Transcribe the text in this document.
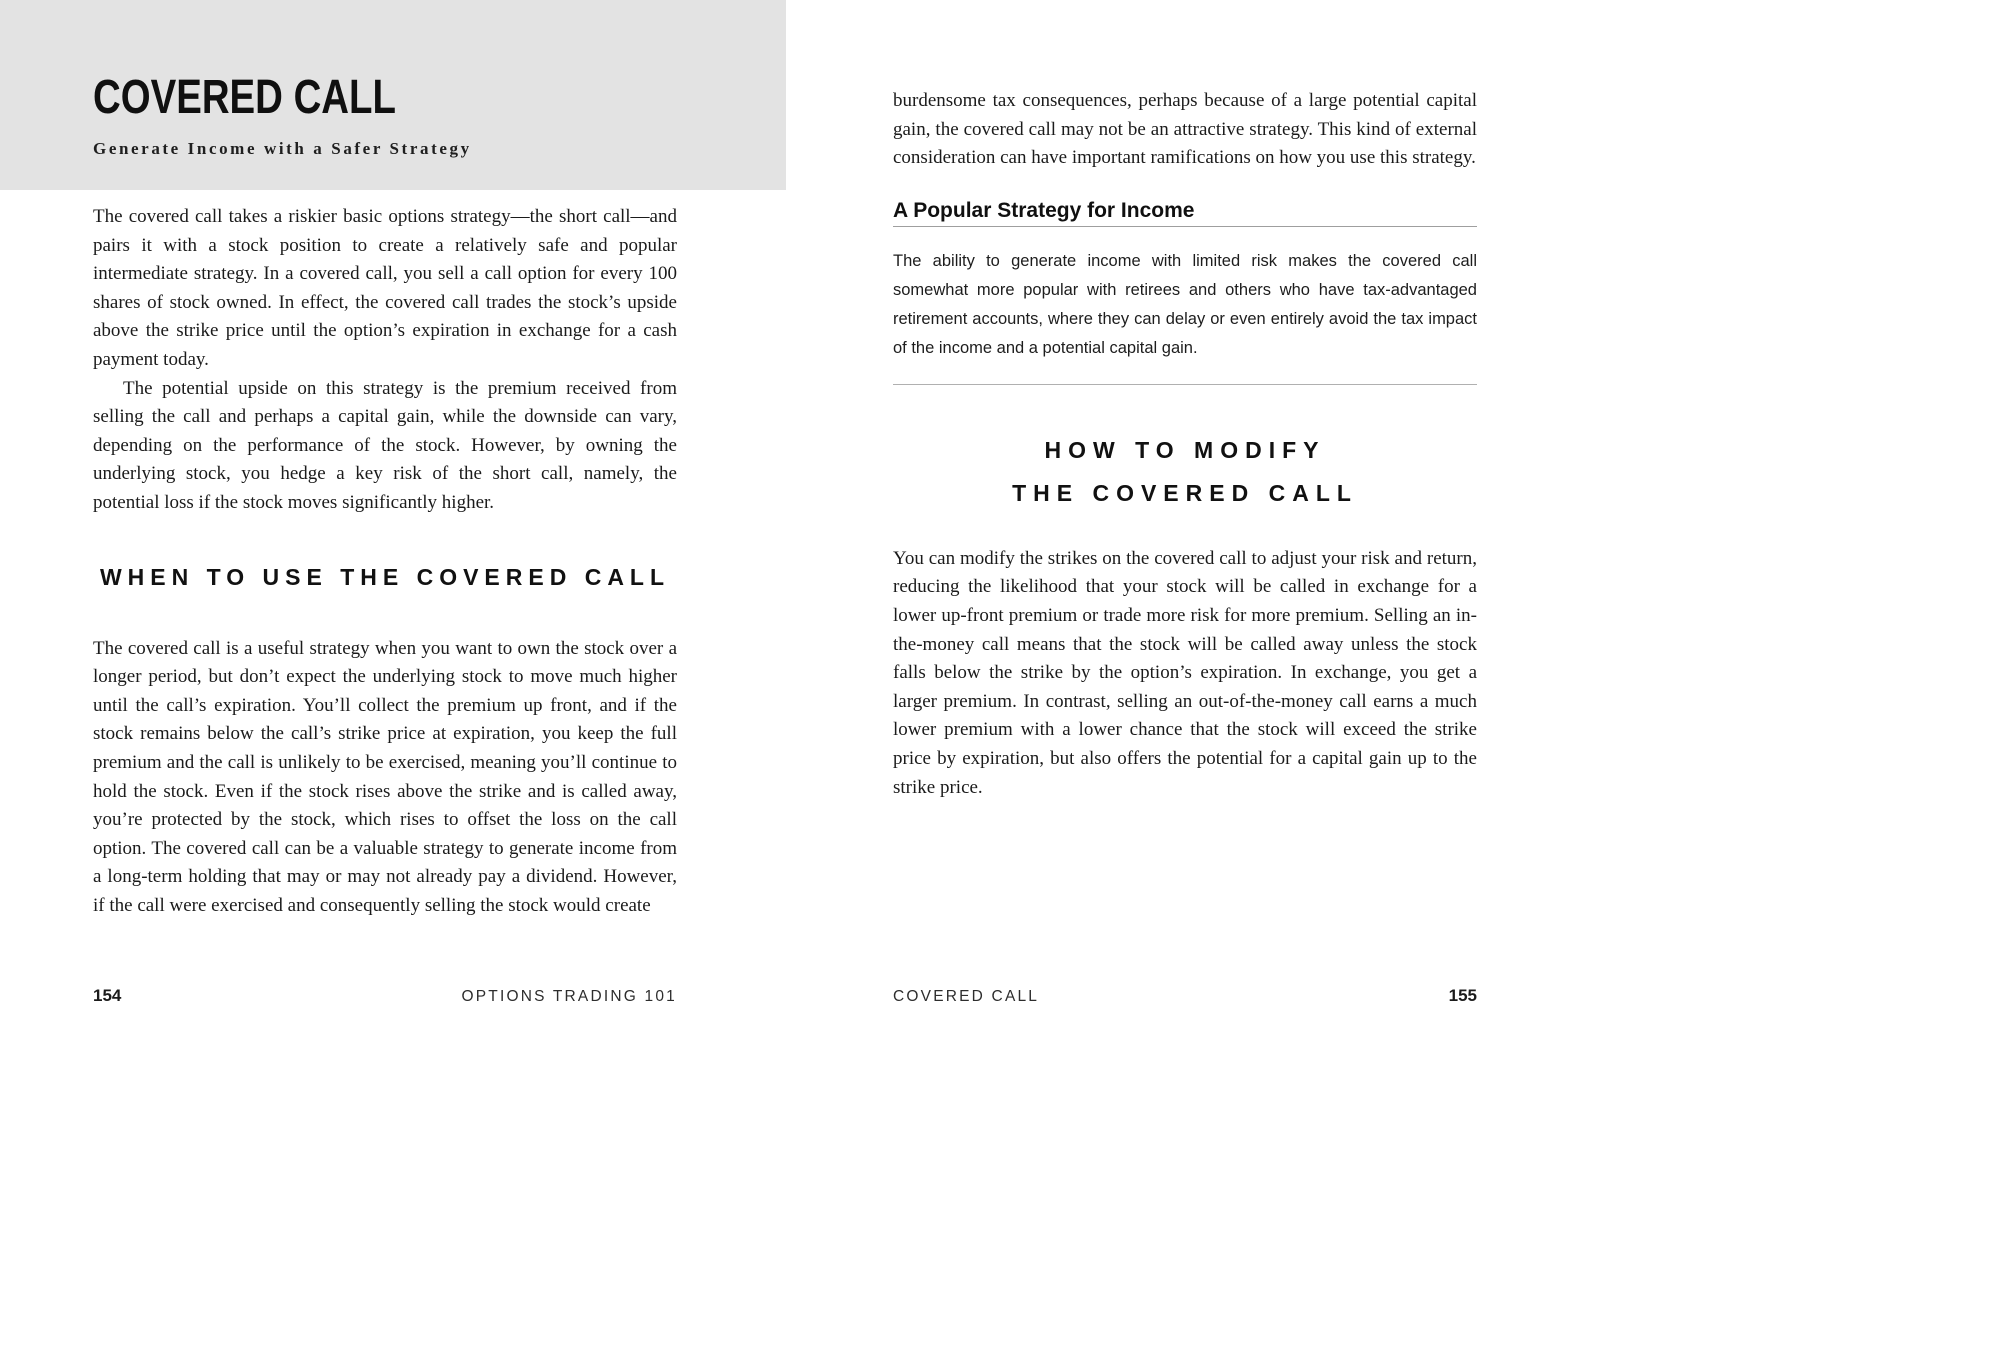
COVERED CALL
Generate Income with a Safer Strategy

The covered call takes a riskier basic options strategy—the short call—and pairs it with a stock position to create a relatively safe and popular intermediate strategy. In a covered call, you sell a call option for every 100 shares of stock owned. In effect, the covered call trades the stock’s upside above the strike price until the option’s expiration in exchange for a cash payment today.

The potential upside on this strategy is the premium received from selling the call and perhaps a capital gain, while the downside can vary, depending on the performance of the stock. However, by owning the underlying stock, you hedge a key risk of the short call, namely, the potential loss if the stock moves significantly higher.

WHEN TO USE THE COVERED CALL

The covered call is a useful strategy when you want to own the stock over a longer period, but don’t expect the underlying stock to move much higher until the call’s expiration. You’ll collect the premium up front, and if the stock remains below the call’s strike price at expiration, you keep the full premium and the call is unlikely to be exercised, meaning you’ll continue to hold the stock. Even if the stock rises above the strike and is called away, you’re protected by the stock, which rises to offset the loss on the call option. The covered call can be a valuable strategy to generate income from a long-term holding that may or may not already pay a dividend. However, if the call were exercised and consequently selling the stock would create

154	OPTIONS TRADING 101

burdensome tax consequences, perhaps because of a large potential capital gain, the covered call may not be an attractive strategy. This kind of external consideration can have important ramifications on how you use this strategy.

A Popular Strategy for Income

The ability to generate income with limited risk makes the covered call somewhat more popular with retirees and others who have tax-advantaged retirement accounts, where they can delay or even entirely avoid the tax impact of the income and a potential capital gain.

HOW TO MODIFY
THE COVERED CALL

You can modify the strikes on the covered call to adjust your risk and return, reducing the likelihood that your stock will be called in exchange for a lower up-front premium or trade more risk for more premium. Selling an in-the-money call means that the stock will be called away unless the stock falls below the strike by the option’s expiration. In exchange, you get a larger premium. In contrast, selling an out-of-the-money call earns a much lower premium with a lower chance that the stock will exceed the strike price by expiration, but also offers the potential for a capital gain up to the strike price.

COVERED CALL	155
